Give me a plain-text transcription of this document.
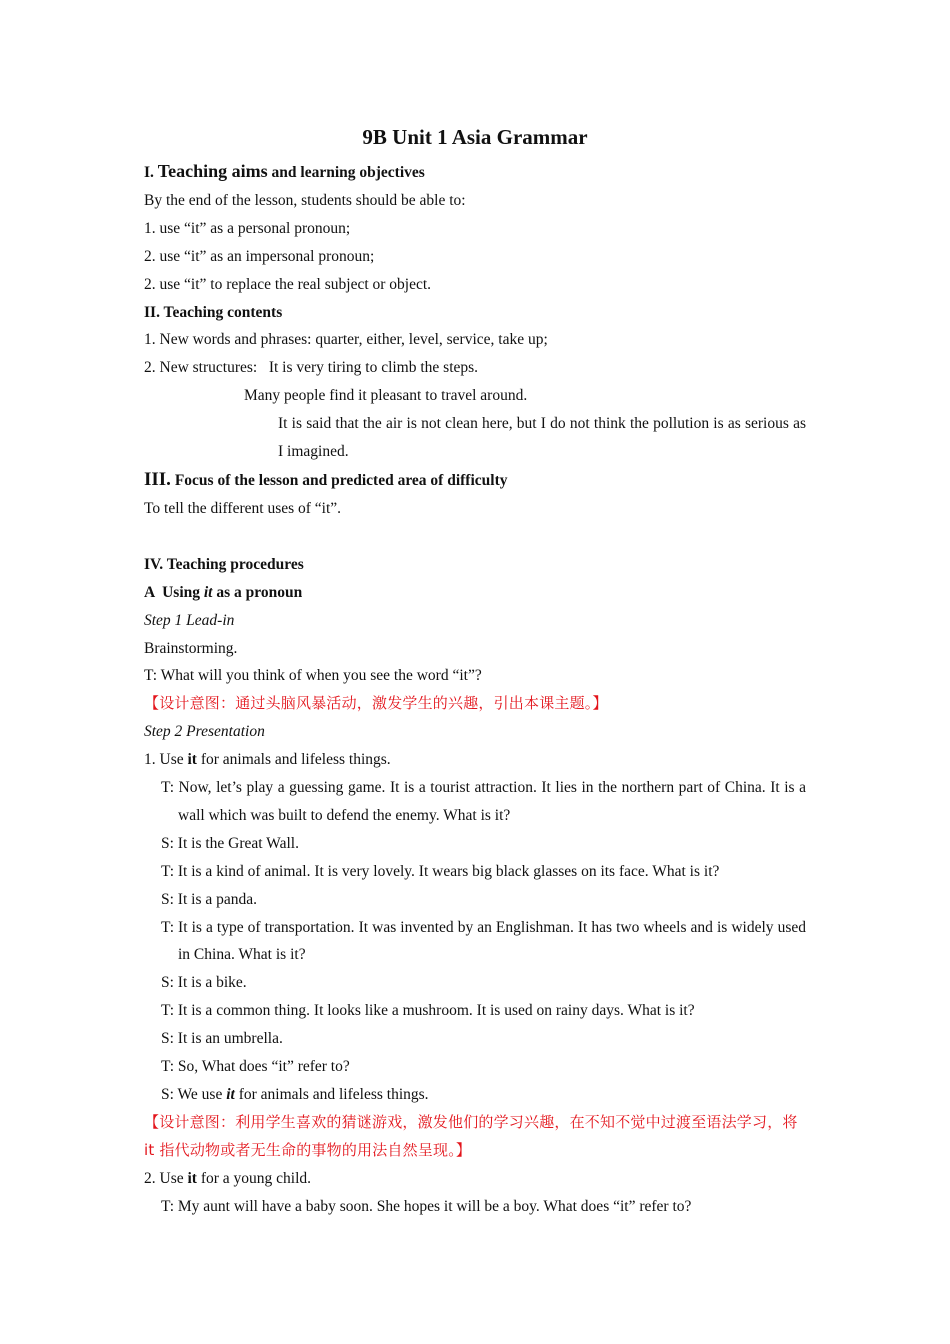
9B Unit 1 Asia Grammar

I. Teaching aims and learning objectives

By the end of the lesson, students should be able to:

1. use “it” as a personal pronoun;

2. use “it” as an impersonal pronoun;

2. use “it” to replace the real subject or object.

II. Teaching contents

1. New words and phrases: quarter, either, level, service, take up;

2. New structures:   It is very tiring to climb the steps.

Many people find it pleasant to travel around.

It is said that the air is not clean here, but I do not think the pollution is as serious as I imagined.

III. Focus of the lesson and predicted area of difficulty

To tell the different uses of “it”.

IV. Teaching procedures

A  Using it as a pronoun

Step 1 Lead-in

Brainstorming.

T: What will you think of when you see the word “it”?

【设计意图：通过头脑风暴活动，激发学生的兴趣，引出本课主题。】

Step 2 Presentation

1. Use it for animals and lifeless things.

T: Now, let’s play a guessing game. It is a tourist attraction. It lies in the northern part of China. It is a wall which was built to defend the enemy. What is it?

S: It is the Great Wall.

T: It is a kind of animal. It is very lovely. It wears big black glasses on its face. What is it?

S: It is a panda.

T: It is a type of transportation. It was invented by an Englishman. It has two wheels and is widely used in China. What is it?

S: It is a bike.

T: It is a common thing. It looks like a mushroom. It is used on rainy days. What is it?

S: It is an umbrella.

T: So, What does “it” refer to?

S: We use it for animals and lifeless things.

【设计意图：利用学生喜欢的猜谜游戏，激发他们的学习兴趣，在不知不觉中过渡至语法学习，将 it 指代动物或者无生命的事物的用法自然呈现。】

2. Use it for a young child.

T: My aunt will have a baby soon. She hopes it will be a boy. What does “it” refer to?
